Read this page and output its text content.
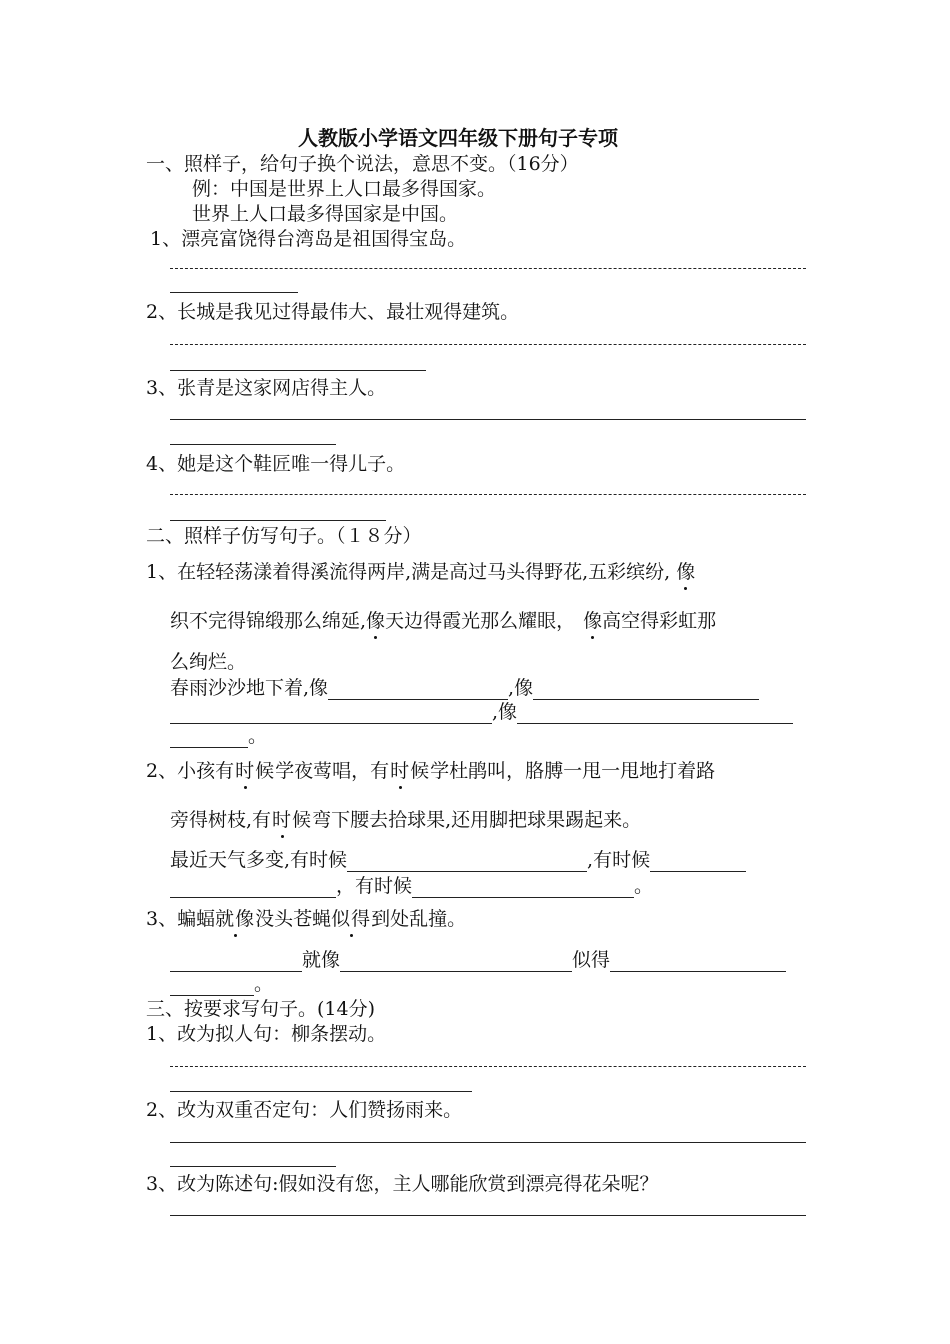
人教版小学语文四年级下册句子专项
一、照样子，给句子换个说法，意思不变。（16分）
例：中国是世界上人口最多得国家。
世界上人口最多得国家是中国。
1、漂亮富饶得台湾岛是祖国得宝岛。
2、长城是我见过得最伟大、最壮观得建筑。
3、张青是这家网店得主人。
4、她是这个鞋匠唯一得儿子。
二、照样子仿写句子。（１８分）
1、在轻轻荡漾着得溪流得两岸,满是高过马头得野花,五彩缤纷, 像
织不完得锦缎那么绵延,像天边得霞光那么耀眼， 像高空得彩虹那
么绚烂。
春雨沙沙地下着,像	,像
,像
。
2、小孩有时候学夜莺唱，有时候学杜鹃叫，胳膊一甩一甩地打着路
旁得树枝,有时候弯下腰去拾球果,还用脚把球果踢起来。
最近天气多变,有时候	,有时候
，有时候	。
3、蝙蝠就像没头苍蝇似得到处乱撞。
就像	似得
。
三、按要求写句子。(14分)
1、改为拟人句：柳条摆动。
2、改为双重否定句：人们赞扬雨来。
3、改为陈述句:假如没有您，主人哪能欣赏到漂亮得花朵呢？
